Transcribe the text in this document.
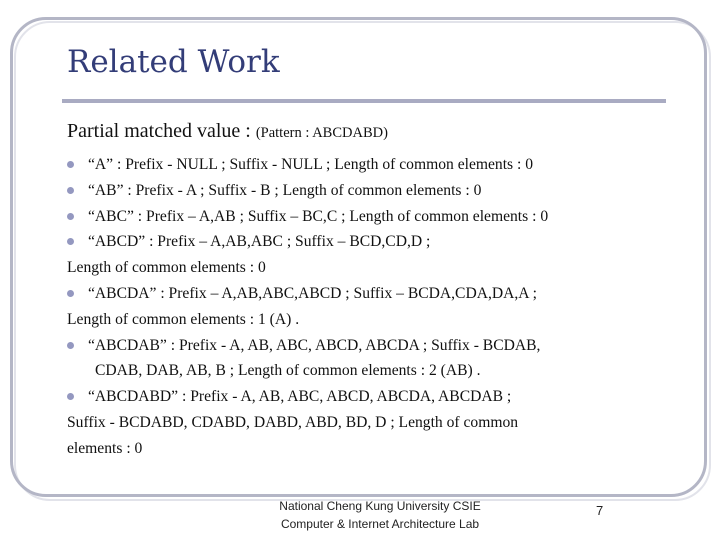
Related Work
Partial matched value : (Pattern : ABCDABD)
“A” : Prefix - NULL ; Suffix - NULL ; Length of common elements : 0
“AB” : Prefix - A ; Suffix - B ; Length of common elements : 0
“ABC” : Prefix – A,AB ; Suffix – BC,C ; Length of common elements : 0
“ABCD” : Prefix – A,AB,ABC ; Suffix – BCD,CD,D ;
Length of common elements : 0
“ABCDA” : Prefix – A,AB,ABC,ABCD ; Suffix – BCDA,CDA,DA,A ;
Length of common elements : 1 (A) .
“ABCDAB” : Prefix - A, AB, ABC, ABCD, ABCDA ; Suffix - BCDAB,
CDAB, DAB, AB, B ; Length of common elements : 2 (AB) .
“ABCDABD” : Prefix - A, AB, ABC, ABCD, ABCDA, ABCDAB ;
Suffix - BCDABD, CDABD, DABD, ABD, BD, D ; Length of common
elements : 0
National Cheng Kung University CSIE
Computer & Internet Architecture Lab
7
